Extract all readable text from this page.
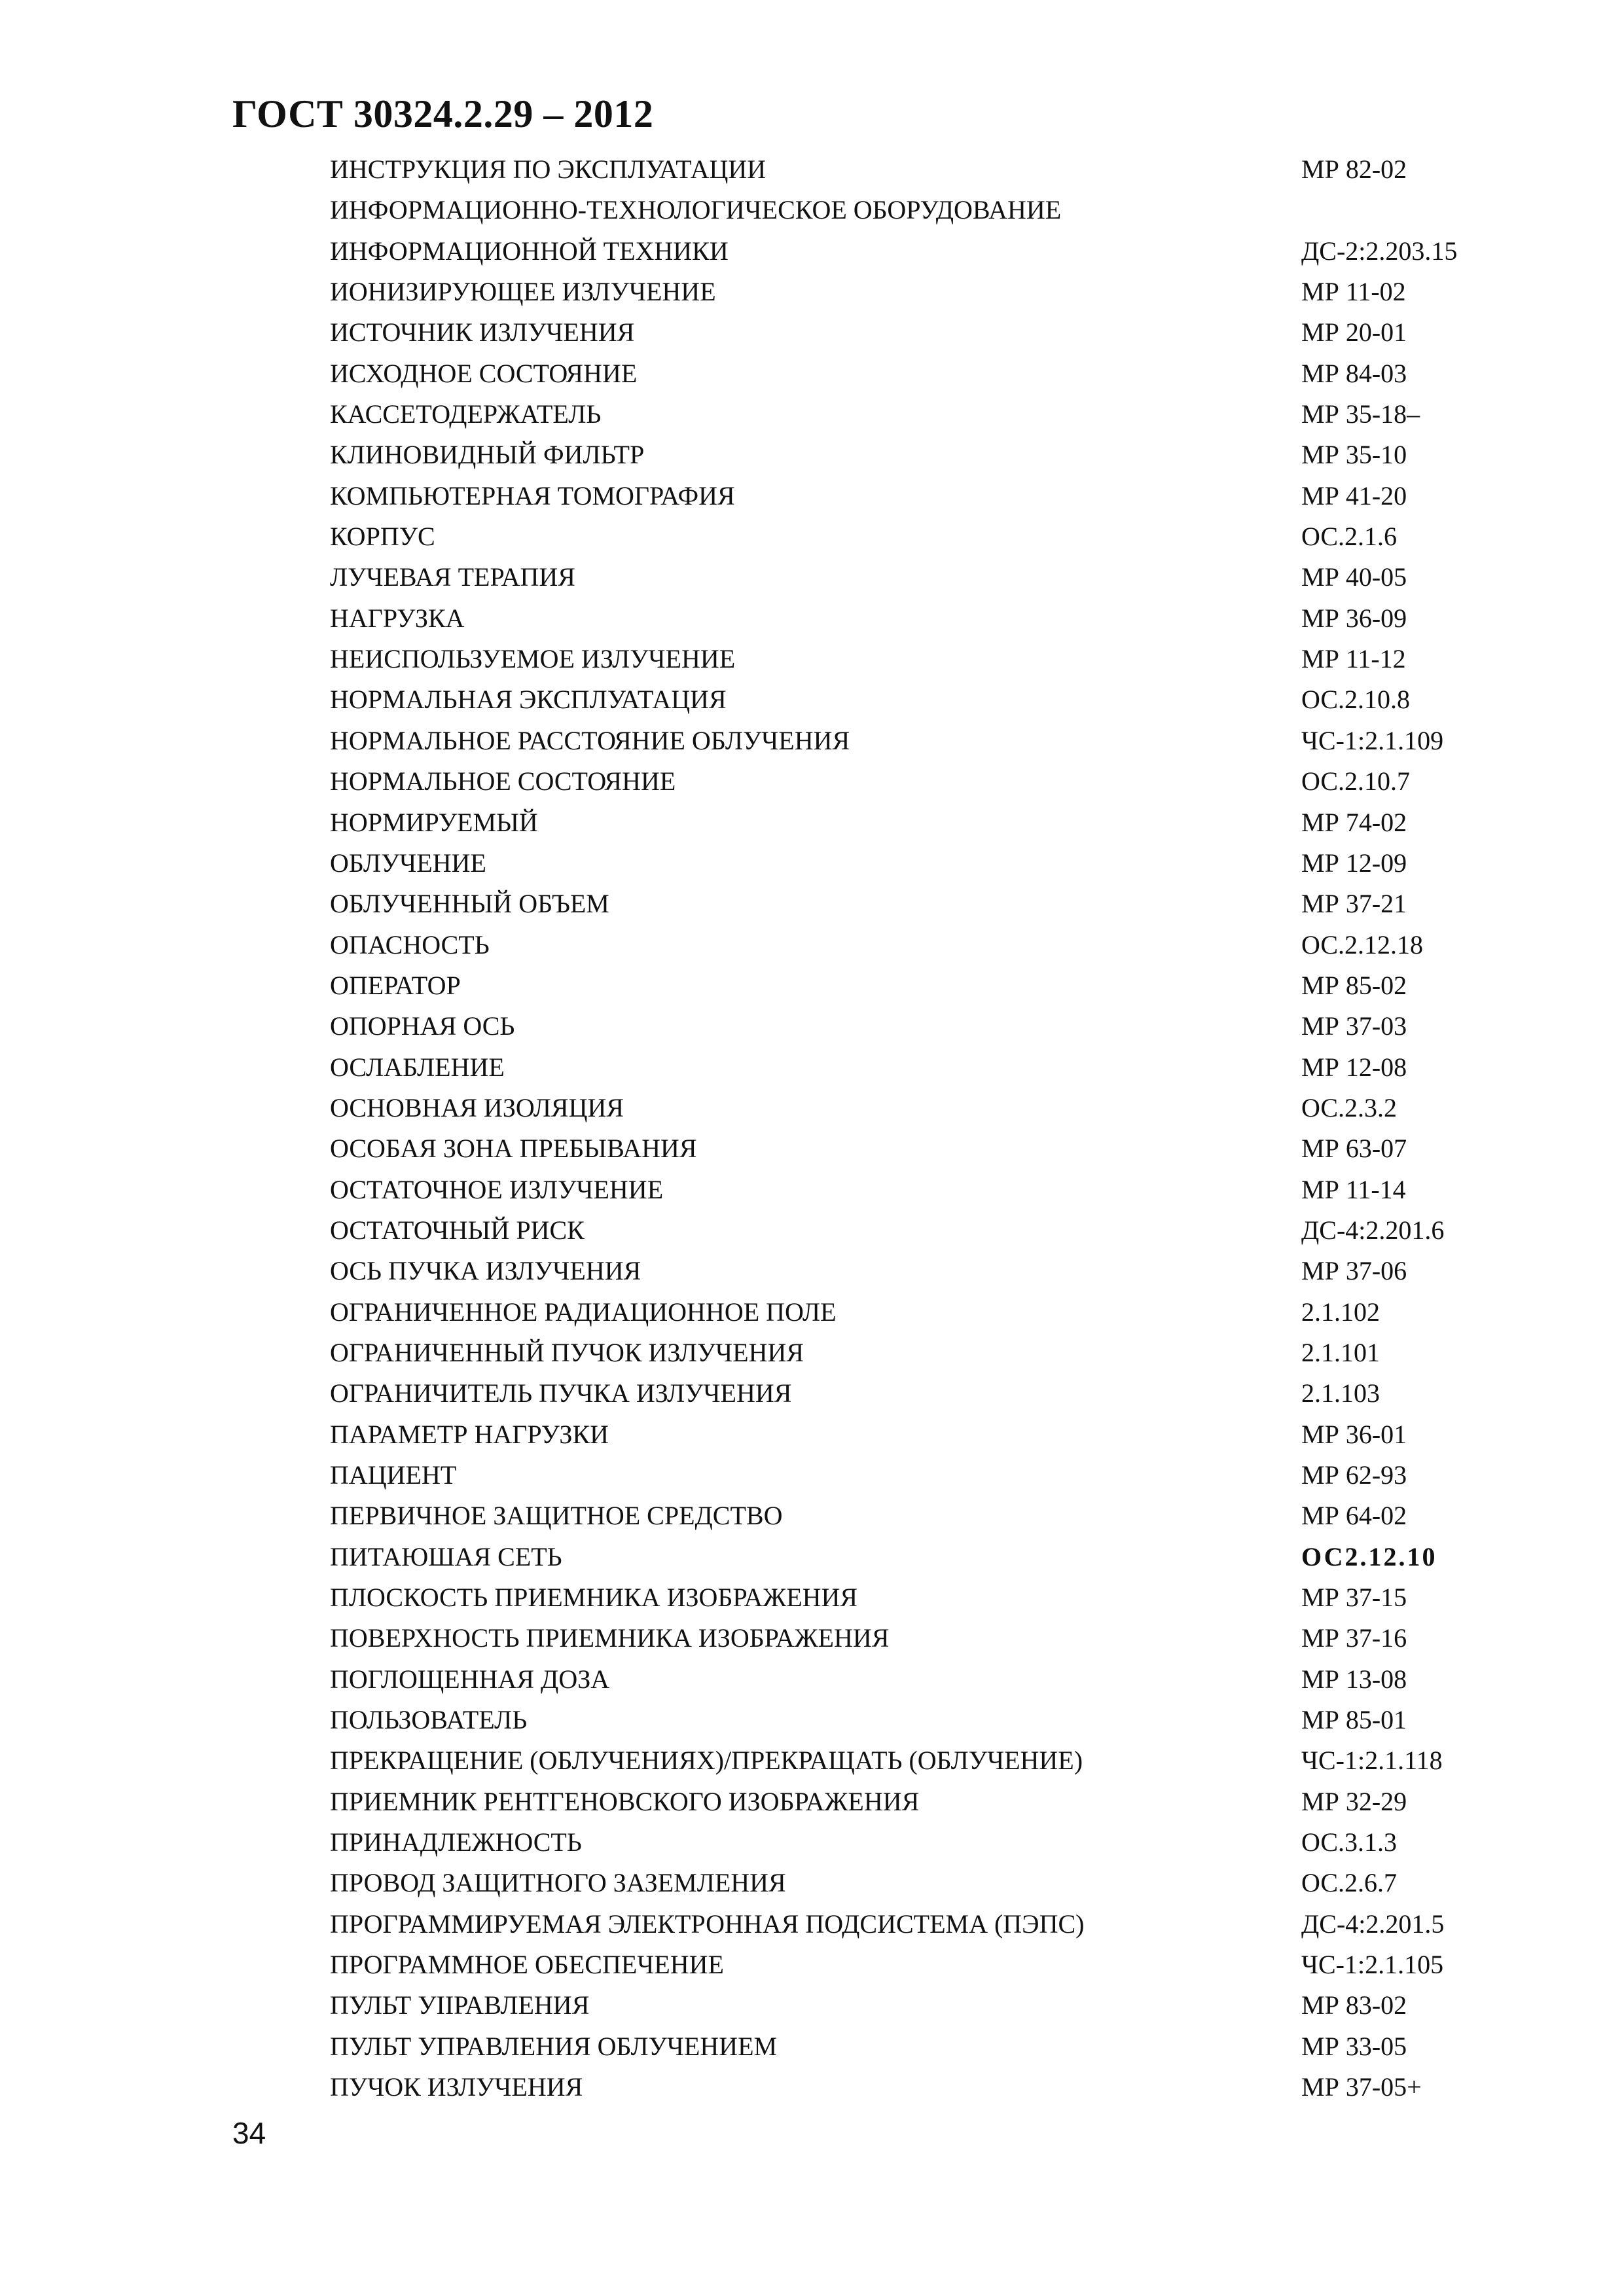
ГОСТ 30324.2.29 – 2012
ИНСТРУКЦИЯ ПО ЭКСПЛУАТАЦИИ	МР 82-02
ИНФОРМАЦИОННО-ТЕХНОЛОГИЧЕСКОЕ ОБОРУДОВАНИЕ
ИНФОРМАЦИОННОЙ ТЕХНИКИ	ДС-2:2.203.15
ИОНИЗИРУЮЩЕЕ ИЗЛУЧЕНИЕ	МР 11-02
ИСТОЧНИК ИЗЛУЧЕНИЯ	МР 20-01
ИСХОДНОЕ СОСТОЯНИЕ	МР 84-03
КАССЕТОДЕРЖАТЕЛЬ	МР 35-18–
КЛИНОВИДНЫЙ ФИЛЬТР	МР 35-10
КОМПЬЮТЕРНАЯ ТОМОГРАФИЯ	МР 41-20
КОРПУС	ОС.2.1.6
ЛУЧЕВАЯ ТЕРАПИЯ	МР 40-05
НАГРУЗКА	МР 36-09
НЕИСПОЛЬЗУЕМОЕ ИЗЛУЧЕНИЕ	МР 11-12
НОРМАЛЬНАЯ ЭКСПЛУАТАЦИЯ	ОС.2.10.8
НОРМАЛЬНОЕ РАССТОЯНИЕ ОБЛУЧЕНИЯ	ЧС-1:2.1.109
НОРМАЛЬНОЕ СОСТОЯНИЕ	ОС.2.10.7
НОРМИРУЕМЫЙ	МР 74-02
ОБЛУЧЕНИЕ	МР 12-09
ОБЛУЧЕННЫЙ ОБЪЕМ	МР 37-21
ОПАСНОСТЬ	ОС.2.12.18
ОПЕРАТОР	МР 85-02
ОПОРНАЯ ОСЬ	МР 37-03
ОСЛАБЛЕНИЕ	МР 12-08
ОСНОВНАЯ ИЗОЛЯЦИЯ	ОС.2.3.2
ОСОБАЯ ЗОНА ПРЕБЫВАНИЯ	МР 63-07
ОСТАТОЧНОЕ ИЗЛУЧЕНИЕ	МР 11-14
ОСТАТОЧНЫЙ РИСК	ДС-4:2.201.6
ОСЬ ПУЧКА ИЗЛУЧЕНИЯ	МР 37-06
ОГРАНИЧЕННОЕ РАДИАЦИОННОЕ ПОЛЕ	2.1.102
ОГРАНИЧЕННЫЙ ПУЧОК ИЗЛУЧЕНИЯ	2.1.101
ОГРАНИЧИТЕЛЬ ПУЧКА ИЗЛУЧЕНИЯ	2.1.103
ПАРАМЕТР НАГРУЗКИ	МР 36-01
ПАЦИЕНТ	МР 62-93
ПЕРВИЧНОЕ ЗАЩИТНОЕ СРЕДСТВО	МР 64-02
ПИТАЮШАЯ СЕТЬ	ОС2.12.10
ПЛОСКОСТЬ ПРИЕМНИКА ИЗОБРАЖЕНИЯ	МР 37-15
ПОВЕРХНОСТЬ ПРИЕМНИКА ИЗОБРАЖЕНИЯ	МР 37-16
ПОГЛОЩЕННАЯ ДОЗА	МР 13-08
ПОЛЬЗОВАТЕЛЬ	МР 85-01
ПРЕКРАЩЕНИЕ (ОБЛУЧЕНИЯХ)/ПРЕКРАЩАТЬ (ОБЛУЧЕНИЕ)	ЧС-1:2.1.118
ПРИЕМНИК РЕНТГЕНОВСКОГО ИЗОБРАЖЕНИЯ	МР 32-29
ПРИНАДЛЕЖНОСТЬ	ОС.3.1.3
ПРОВОД ЗАЩИТНОГО ЗАЗЕМЛЕНИЯ	ОС.2.6.7
ПРОГРАММИРУЕМАЯ ЭЛЕКТРОННАЯ ПОДСИСТЕМА (ПЭПС)	ДС-4:2.201.5
ПРОГРАММНОЕ ОБЕСПЕЧЕНИЕ	ЧС-1:2.1.105
ПУЛЬТ УIIРАВЛЕНИЯ	МР 83-02
ПУЛЬТ УПРАВЛЕНИЯ ОБЛУЧЕНИЕМ	МР 33-05
ПУЧОК ИЗЛУЧЕНИЯ	МР 37-05+
34
